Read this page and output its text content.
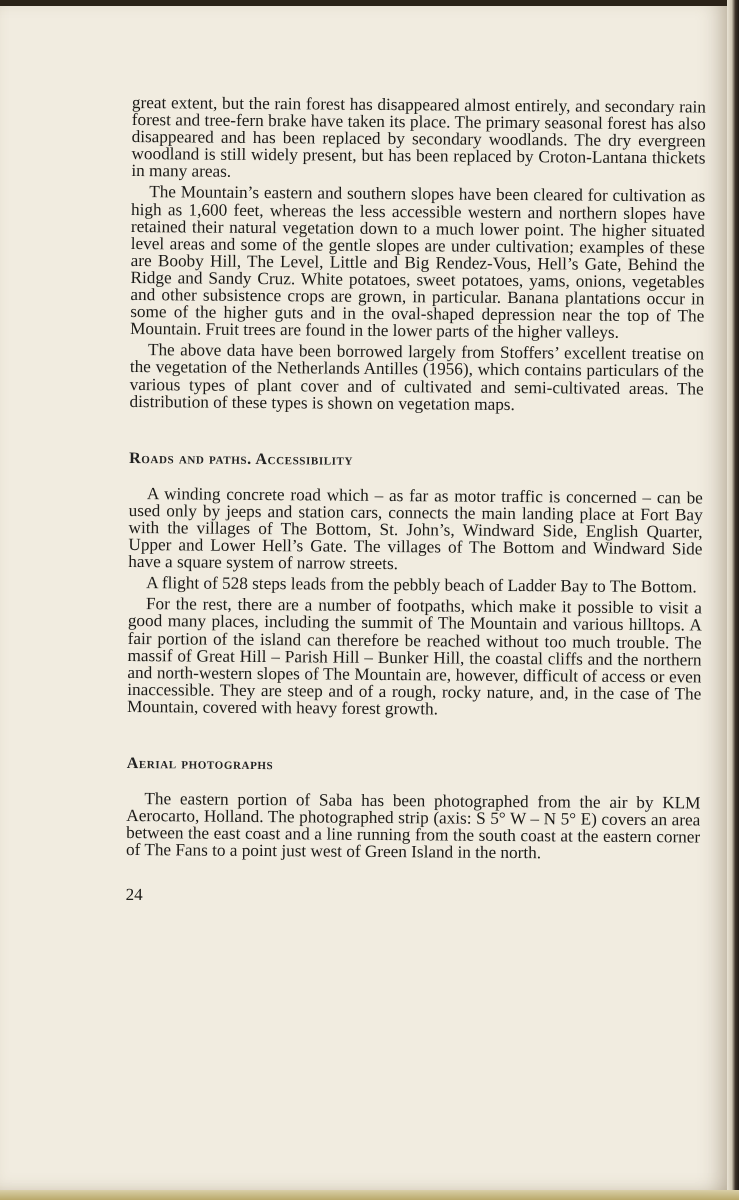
great extent, but the rain forest has disappeared almost entirely, and secondary rain forest and tree-fern brake have taken its place. The primary seasonal forest has also disappeared and has been replaced by secondary woodlands. The dry evergreen woodland is still widely present, but has been replaced by Croton-Lantana thickets in many areas.

The Mountain’s eastern and southern slopes have been cleared for cultivation as high as 1,600 feet, whereas the less accessible western and northern slopes have retained their natural vegetation down to a much lower point. The higher situated level areas and some of the gentle slopes are under cultivation; examples of these are Booby Hill, The Level, Little and Big Rendez-Vous, Hell’s Gate, Behind the Ridge and Sandy Cruz. White potatoes, sweet potatoes, yams, onions, vegetables and other subsistence crops are grown, in particular. Banana plantations occur in some of the higher guts and in the oval-shaped depression near the top of The Mountain. Fruit trees are found in the lower parts of the higher valleys.

The above data have been borrowed largely from Stoffers’ excellent treatise on the vegetation of the Netherlands Antilles (1956), which contains particulars of the various types of plant cover and of cultivated and semi-cultivated areas. The distribution of these types is shown on vegetation maps.

Roads and paths. Accessibility

A winding concrete road which – as far as motor traffic is concerned – can be used only by jeeps and station cars, connects the main landing place at Fort Bay with the villages of The Bottom, St. John’s, Windward Side, English Quarter, Upper and Lower Hell’s Gate. The villages of The Bottom and Windward Side have a square system of narrow streets.

A flight of 528 steps leads from the pebbly beach of Ladder Bay to The Bottom.

For the rest, there are a number of footpaths, which make it possible to visit a good many places, including the summit of The Mountain and various hilltops. A fair portion of the island can therefore be reached without too much trouble. The massif of Great Hill – Parish Hill – Bunker Hill, the coastal cliffs and the northern and north-western slopes of The Mountain are, however, difficult of access or even inaccessible. They are steep and of a rough, rocky nature, and, in the case of The Mountain, covered with heavy forest growth.

Aerial photographs

The eastern portion of Saba has been photographed from the air by KLM Aerocarto, Holland. The photographed strip (axis: S 5° W – N 5° E) covers an area between the east coast and a line running from the south coast at the eastern corner of The Fans to a point just west of Green Island in the north.

24
